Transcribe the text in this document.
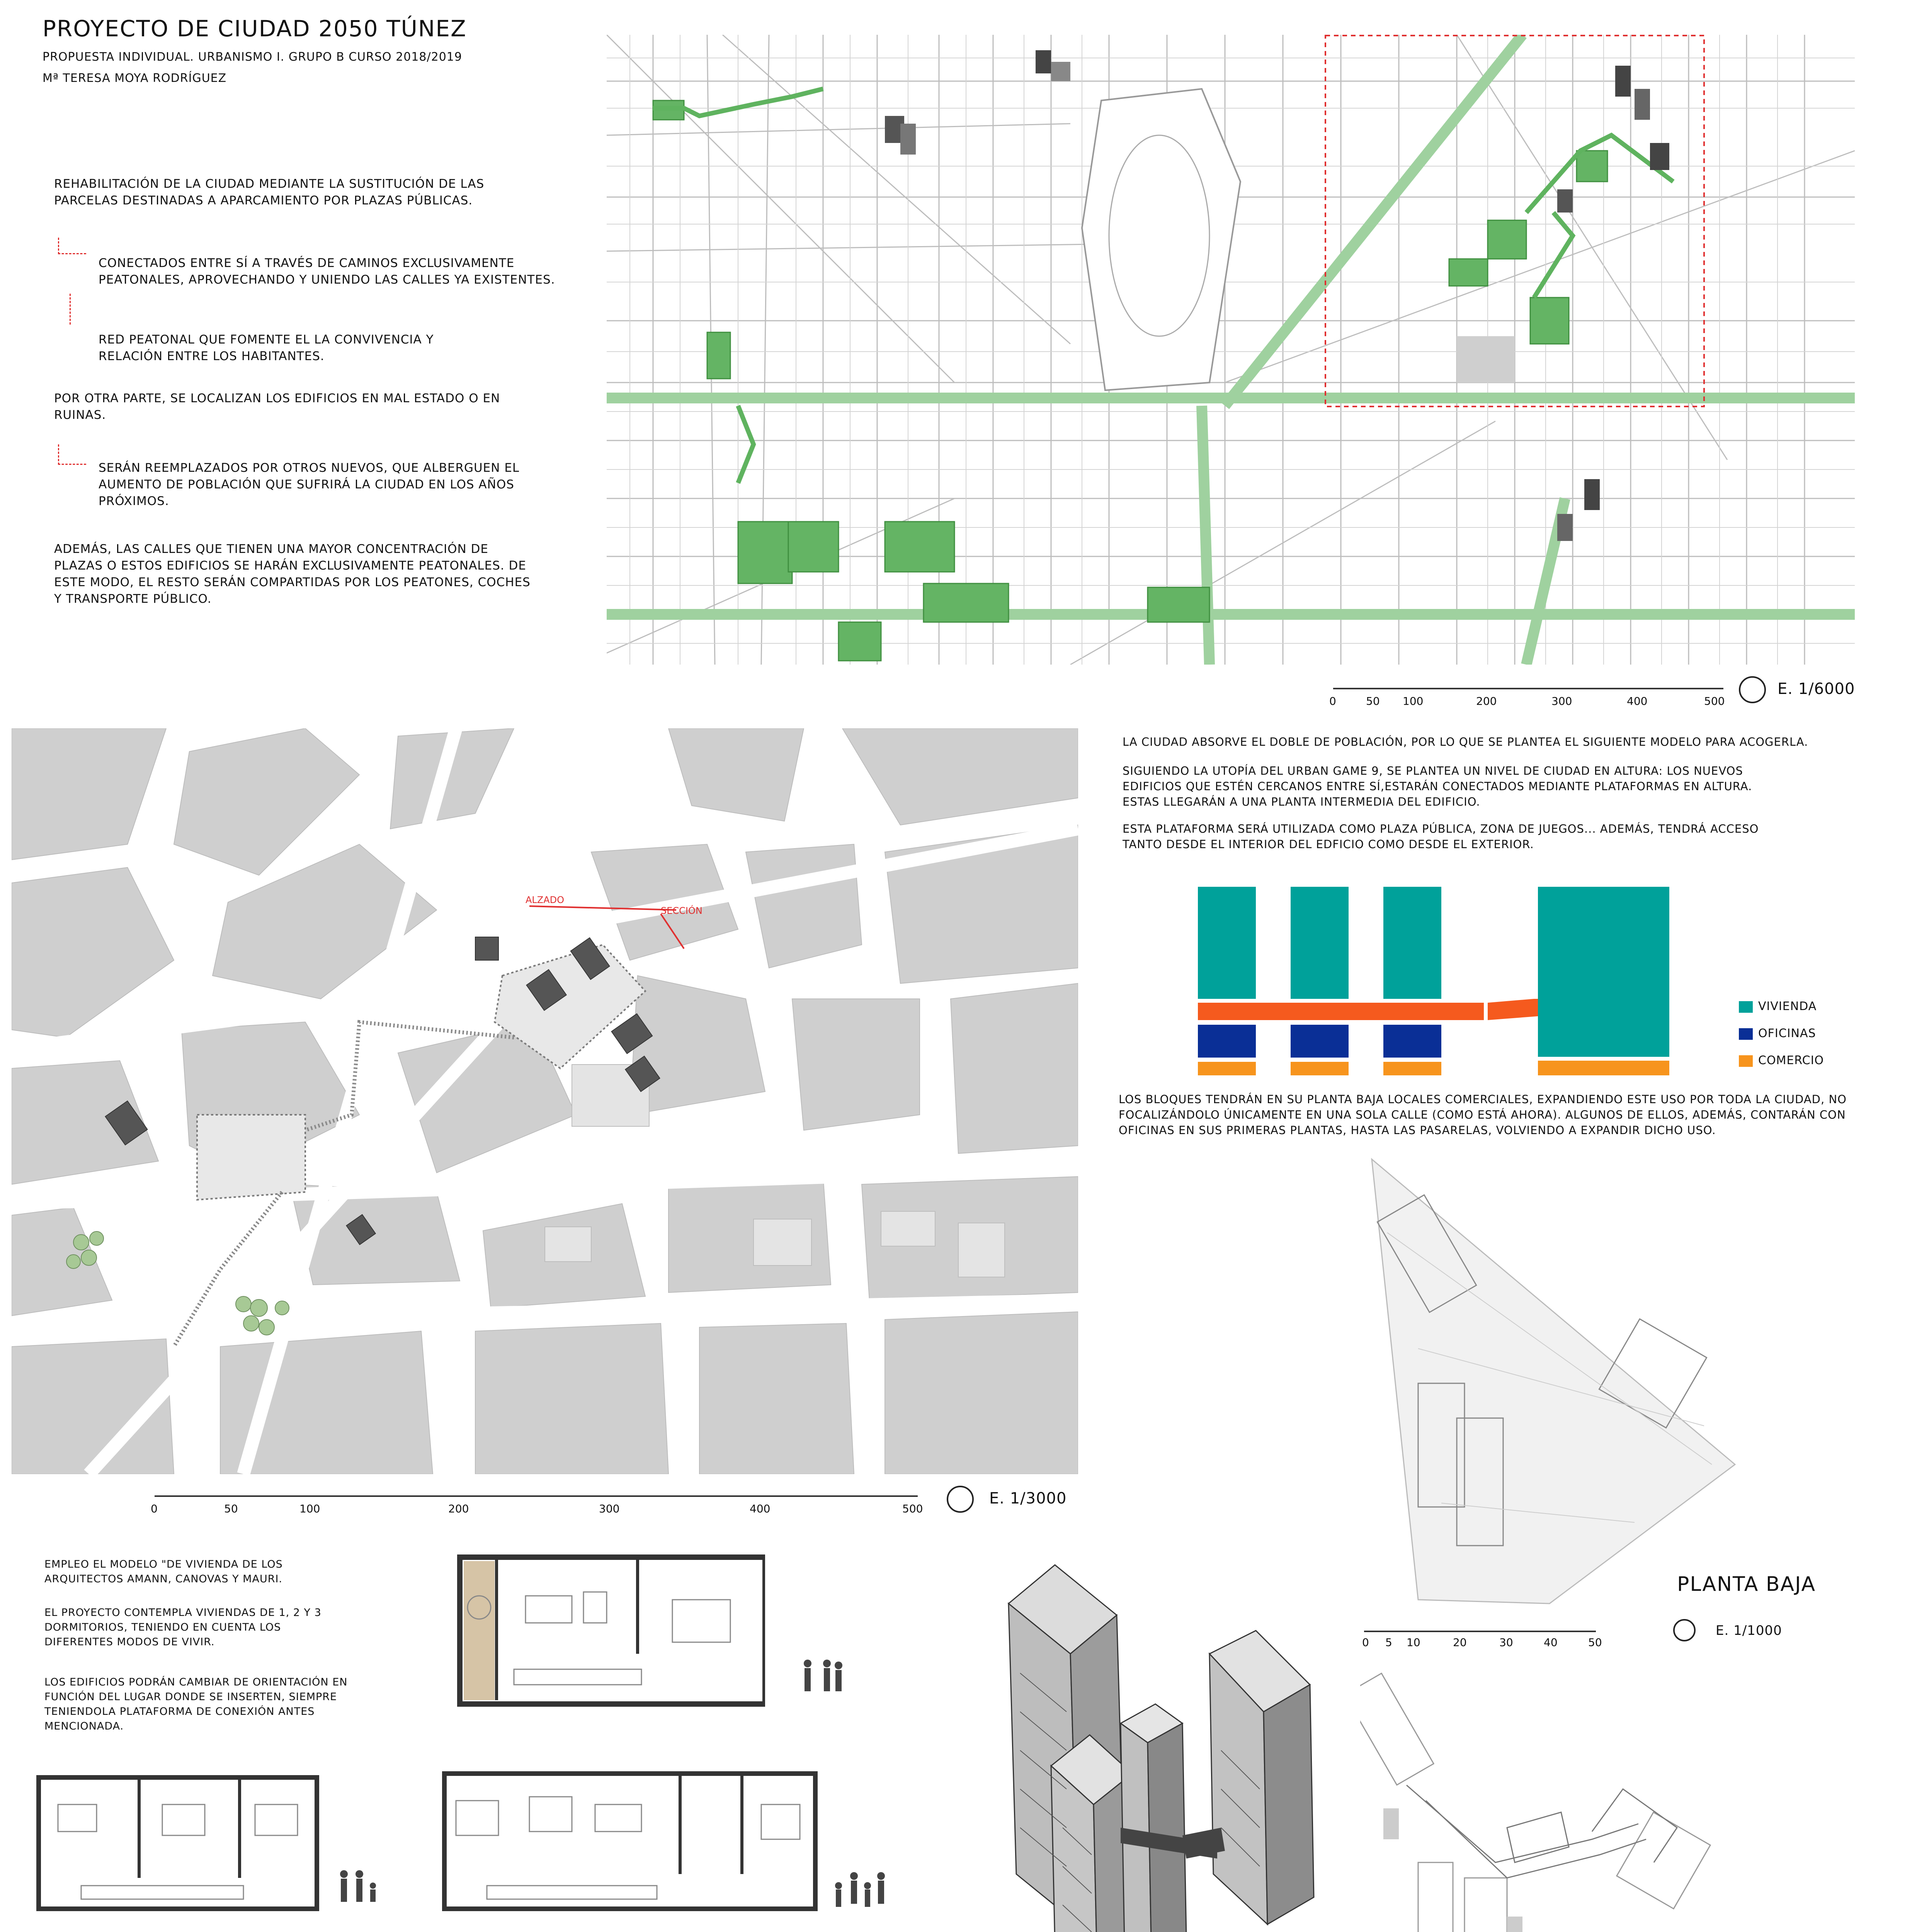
PROYECTO DE CIUDAD 2050 TÚNEZ
PROPUESTA INDIVIDUAL. URBANISMO I. GRUPO B CURSO 2018/2019
Mª TERESA MOYA RODRÍGUEZ
REHABILITACIÓN DE LA CIUDAD MEDIANTE LA SUSTITUCIÓN DE LAS PARCELAS DESTINADAS A APARCAMIENTO POR PLAZAS PÚBLICAS.
CONECTADOS ENTRE SÍ A TRAVÉS DE CAMINOS EXCLUSIVAMENTE PEATONALES, APROVECHANDO Y UNIENDO LAS CALLES YA EXISTENTES.
RED PEATONAL QUE FOMENTE EL LA CONVIVENCIA Y RELACIÓN ENTRE LOS HABITANTES.
POR OTRA PARTE, SE LOCALIZAN LOS EDIFICIOS EN MAL ESTADO O EN RUINAS.
SERÁN REEMPLAZADOS POR OTROS NUEVOS, QUE ALBERGUEN EL AUMENTO DE POBLACIÓN QUE SUFRIRÁ LA CIUDAD EN LOS AÑOS PRÓXIMOS.
ADEMÁS, LAS CALLES QUE TIENEN UNA MAYOR CONCENTRACIÓN DE PLAZAS O ESTOS EDIFICIOS SE HARÁN EXCLUSIVAMENTE PEATONALES. DE ESTE MODO, EL RESTO SERÁN COMPARTIDAS POR LOS PEATONES, COCHES Y TRANSPORTE PÚBLICO.
0	50 100	200	300	400	500
E. 1/6000
ALZADO
SECCIÓN
0	50	100	200	300	400	500
E. 1/3000
LA CIUDAD ABSORVE EL DOBLE DE POBLACIÓN, POR LO QUE SE PLANTEA EL SIGUIENTE MODELO PARA ACOGERLA.
SIGUIENDO LA UTOPÍA DEL URBAN GAME 9, SE PLANTEA UN NIVEL DE CIUDAD EN ALTURA: LOS NUEVOS EDIFICIOS QUE ESTÉN CERCANOS ENTRE SÍ,ESTARÁN CONECTADOS MEDIANTE PLATAFORMAS EN ALTURA. ESTAS LLEGARÁN A UNA PLANTA INTERMEDIA DEL EDIFICIO.
ESTA PLATAFORMA SERÁ UTILIZADA COMO PLAZA PÚBLICA, ZONA DE JUEGOS... ADEMÁS, TENDRÁ ACCESO TANTO DESDE EL INTERIOR DEL EDFICIO COMO DESDE EL EXTERIOR.
VIVIENDA
OFICINAS
COMERCIO
LOS BLOQUES TENDRÁN EN SU PLANTA BAJA LOCALES COMERCIALES, EXPANDIENDO ESTE USO POR TODA LA CIUDAD, NO FOCALIZÁNDOLO ÚNICAMENTE EN UNA SOLA CALLE (COMO ESTÁ AHORA). ALGUNOS DE ELLOS, ADEMÁS, CONTARÁN CON OFICINAS EN SUS PRIMERAS PLANTAS, HASTA LAS PASARELAS, VOLVIENDO A EXPANDIR DICHO USO.
PLANTA BAJA
0 5 10	20	30	40	50
E. 1/1000
EMPLEO EL MODELO "DE VIVIENDA DE LOS ARQUITECTOS AMANN, CANOVAS Y MAURI.
EL PROYECTO CONTEMPLA VIVIENDAS DE 1, 2 Y 3 DORMITORIOS, TENIENDO EN CUENTA LOS DIFERENTES MODOS DE VIVIR.
LOS EDIFICIOS PODRÁN CAMBIAR DE ORIENTACIÓN EN FUNCIÓN DEL LUGAR DONDE SE INSERTEN, SIEMPRE TENIENDOLA PLATAFORMA DE CONEXIÓN ANTES MENCIONADA.
